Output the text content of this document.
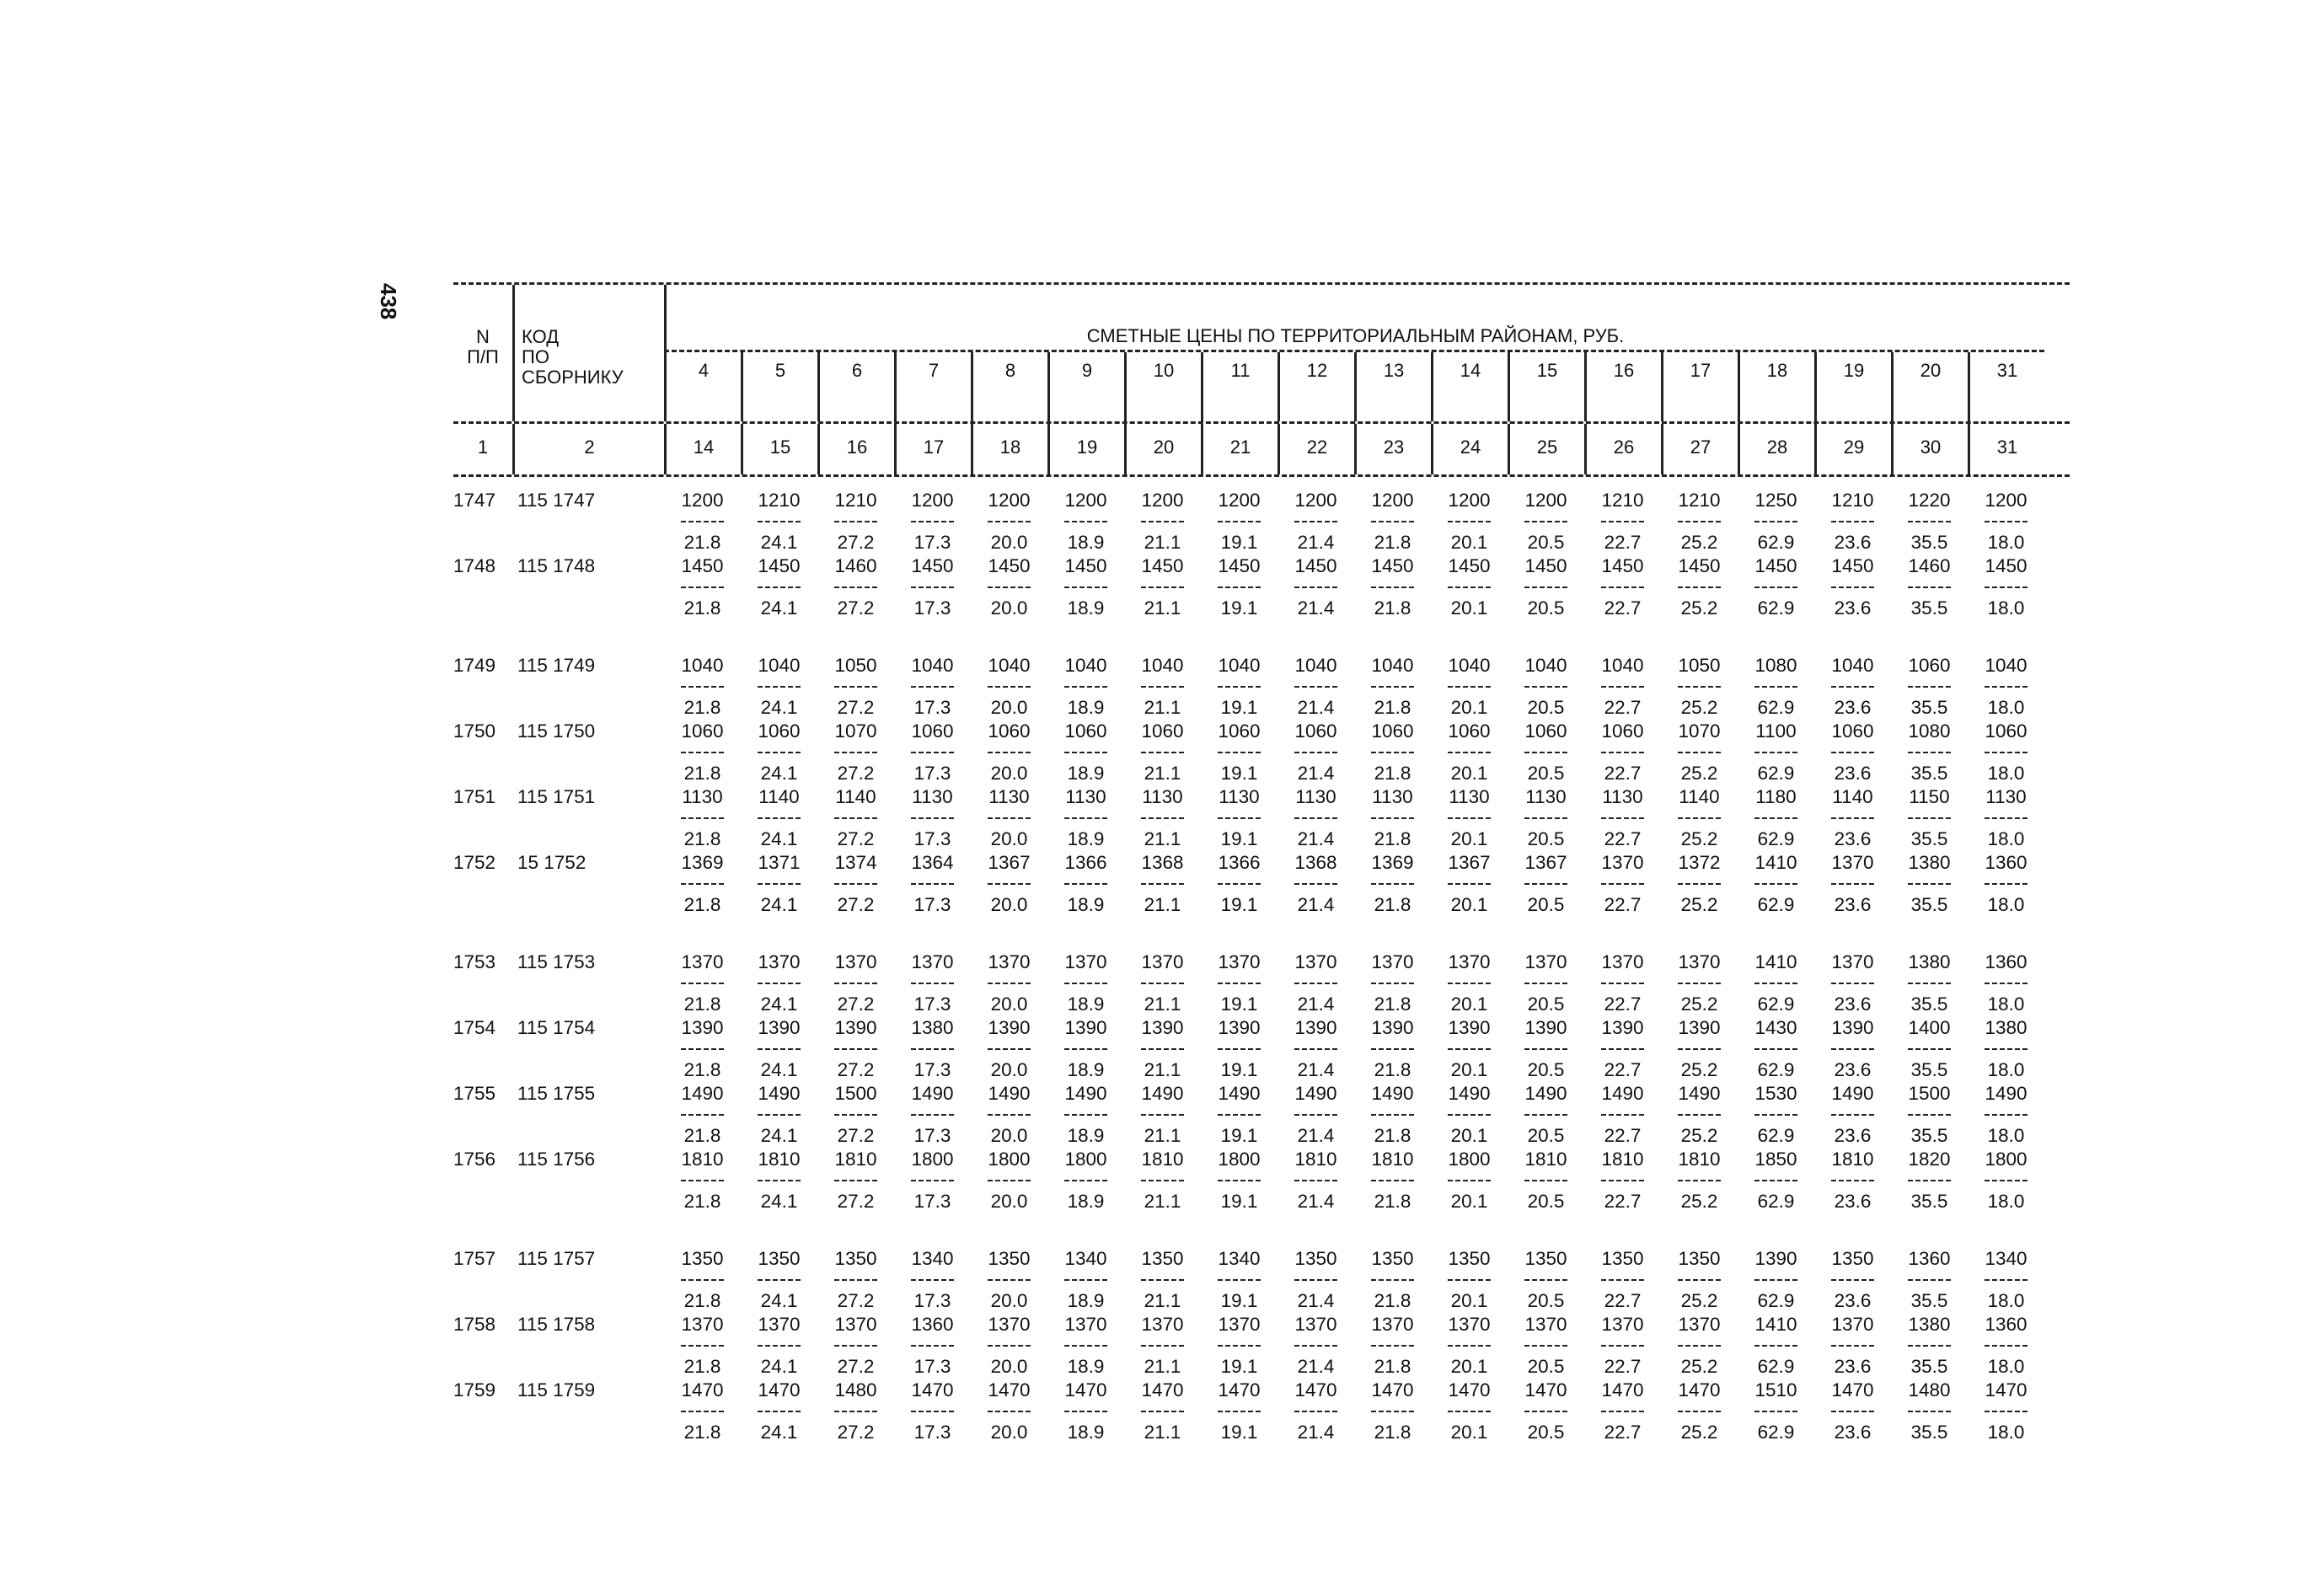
438
N
П/П
КОД
ПО
СБОРНИКУ
СМЕТНЫЕ ЦЕНЫ ПО ТЕРРИТОРИАЛЬНЫМ РАЙОНАМ, РУБ.
4	5	6	7	8	9	10	11	12	13	14	15	16	17	18	19	20	31
1	2	14	15	16	17	18	19	20	21	22	23	24	25	26	27	28	29	30	31
1747	115 1747	1200	1210	1210	1200	1200	1200	1200	1200	1200	1200	1200	1200	1210	1210	1250	1210	1220	1200
21.8	24.1	27.2	17.3	20.0	18.9	21.1	19.1	21.4	21.8	20.1	20.5	22.7	25.2	62.9	23.6	35.5	18.0
1748	115 1748	1450	1450	1460	1450	1450	1450	1450	1450	1450	1450	1450	1450	1450	1450	1450	1450	1460	1450
21.8	24.1	27.2	17.3	20.0	18.9	21.1	19.1	21.4	21.8	20.1	20.5	22.7	25.2	62.9	23.6	35.5	18.0
1749	115 1749	1040	1040	1050	1040	1040	1040	1040	1040	1040	1040	1040	1040	1040	1050	1080	1040	1060	1040
21.8	24.1	27.2	17.3	20.0	18.9	21.1	19.1	21.4	21.8	20.1	20.5	22.7	25.2	62.9	23.6	35.5	18.0
1750	115 1750	1060	1060	1070	1060	1060	1060	1060	1060	1060	1060	1060	1060	1060	1070	1100	1060	1080	1060
21.8	24.1	27.2	17.3	20.0	18.9	21.1	19.1	21.4	21.8	20.1	20.5	22.7	25.2	62.9	23.6	35.5	18.0
1751	115 1751	1130	1140	1140	1130	1130	1130	1130	1130	1130	1130	1130	1130	1130	1140	1180	1140	1150	1130
21.8	24.1	27.2	17.3	20.0	18.9	21.1	19.1	21.4	21.8	20.1	20.5	22.7	25.2	62.9	23.6	35.5	18.0
1752	15 1752	1369	1371	1374	1364	1367	1366	1368	1366	1368	1369	1367	1367	1370	1372	1410	1370	1380	1360
21.8	24.1	27.2	17.3	20.0	18.9	21.1	19.1	21.4	21.8	20.1	20.5	22.7	25.2	62.9	23.6	35.5	18.0
1753	115 1753	1370	1370	1370	1370	1370	1370	1370	1370	1370	1370	1370	1370	1370	1370	1410	1370	1380	1360
21.8	24.1	27.2	17.3	20.0	18.9	21.1	19.1	21.4	21.8	20.1	20.5	22.7	25.2	62.9	23.6	35.5	18.0
1754	115 1754	1390	1390	1390	1380	1390	1390	1390	1390	1390	1390	1390	1390	1390	1390	1430	1390	1400	1380
21.8	24.1	27.2	17.3	20.0	18.9	21.1	19.1	21.4	21.8	20.1	20.5	22.7	25.2	62.9	23.6	35.5	18.0
1755	115 1755	1490	1490	1500	1490	1490	1490	1490	1490	1490	1490	1490	1490	1490	1490	1530	1490	1500	1490
21.8	24.1	27.2	17.3	20.0	18.9	21.1	19.1	21.4	21.8	20.1	20.5	22.7	25.2	62.9	23.6	35.5	18.0
1756	115 1756	1810	1810	1810	1800	1800	1800	1810	1800	1810	1810	1800	1810	1810	1810	1850	1810	1820	1800
21.8	24.1	27.2	17.3	20.0	18.9	21.1	19.1	21.4	21.8	20.1	20.5	22.7	25.2	62.9	23.6	35.5	18.0
1757	115 1757	1350	1350	1350	1340	1350	1340	1350	1340	1350	1350	1350	1350	1350	1350	1390	1350	1360	1340
21.8	24.1	27.2	17.3	20.0	18.9	21.1	19.1	21.4	21.8	20.1	20.5	22.7	25.2	62.9	23.6	35.5	18.0
1758	115 1758	1370	1370	1370	1360	1370	1370	1370	1370	1370	1370	1370	1370	1370	1370	1410	1370	1380	1360
21.8	24.1	27.2	17.3	20.0	18.9	21.1	19.1	21.4	21.8	20.1	20.5	22.7	25.2	62.9	23.6	35.5	18.0
1759	115 1759	1470	1470	1480	1470	1470	1470	1470	1470	1470	1470	1470	1470	1470	1470	1510	1470	1480	1470
21.8	24.1	27.2	17.3	20.0	18.9	21.1	19.1	21.4	21.8	20.1	20.5	22.7	25.2	62.9	23.6	35.5	18.0
